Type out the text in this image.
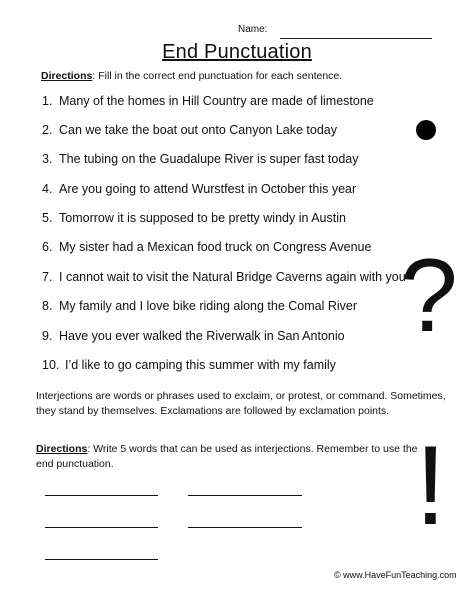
Name:
End Punctuation
Directions: Fill in the correct end punctuation for each sentence.
1. Many of the homes in Hill Country are made of limestone
2. Can we take the boat out onto Canyon Lake today
3. The tubing on the Guadalupe River is super fast today
4. Are you going to attend Wurstfest in October this year
5. Tomorrow it is supposed to be pretty windy in Austin
6. My sister had a Mexican food truck on Congress Avenue
7. I cannot wait to visit the Natural Bridge Caverns again with you
8. My family and I love bike riding along the Comal River
9. Have you ever walked the Riverwalk in San Antonio
10. I’d like to go camping this summer with my family
Interjections are words or phrases used to exclaim, or protest, or command. Sometimes, they stand by themselves. Exclamations are followed by exclamation points.
Directions: Write 5 words that can be used as interjections. Remember to use the end punctuation.
?
!
© www.HaveFunTeaching.com
